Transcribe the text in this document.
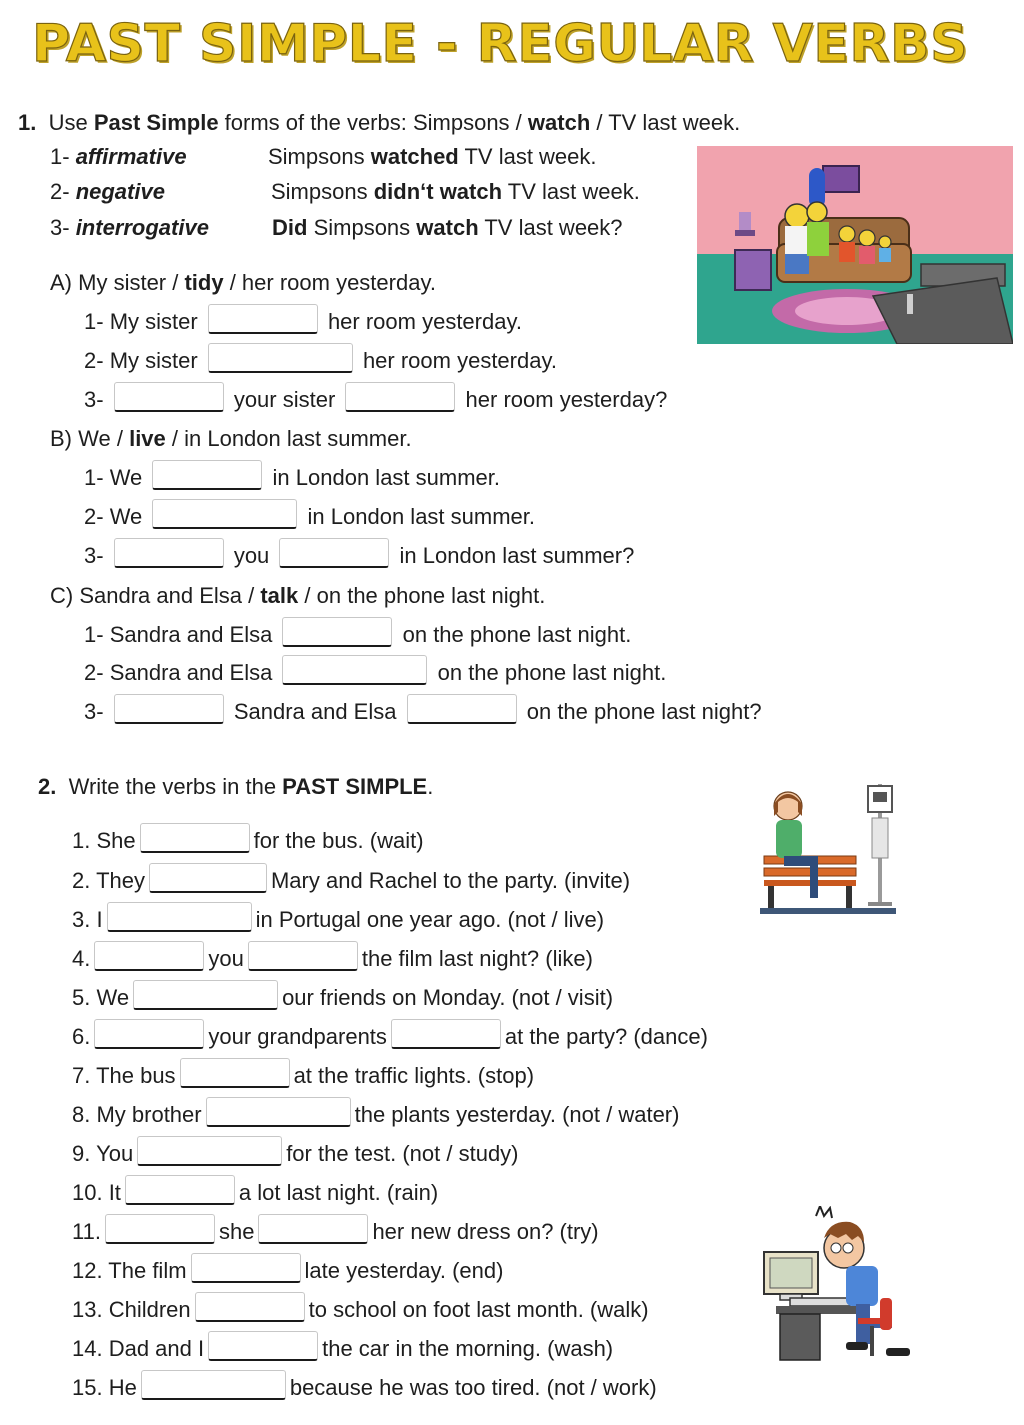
PAST SIMPLE - REGULAR VERBS
1. Use Past Simple forms of the verbs: Simpsons / watch / TV last week.
1- affirmative	Simpsons watched TV last week.
2- negative	Simpsons didn‘t watch TV last week.
3- interrogative	Did Simpsons watch TV last week?
A) My sister / tidy / her room yesterday.
1- My sister	her room yesterday.
2- My sister	her room yesterday.
3-	your sister	her room yesterday?
B) We / live / in London last summer.
1- We	in London last summer.
2- We	in London last summer.
3-	you	in London last summer?
C) Sandra and Elsa / talk / on the phone last night.
1- Sandra and Elsa	on the phone last night.
2- Sandra and Elsa	on the phone last night.
3-	Sandra and Elsa	on the phone last night?
2. Write the verbs in the PAST SIMPLE.
1. She	for the bus. (wait)
2. They	Mary and Rachel to the party. (invite)
3. I	in Portugal one year ago. (not / live)
4.	you	the film last night? (like)
5. We	our friends on Monday. (not / visit)
6.	your grandparents	at the party? (dance)
7. The bus	at the traffic lights. (stop)
8. My brother	the plants yesterday. (not / water)
9. You	for the test. (not / study)
10. It	a lot last night. (rain)
11.	she	her new dress on? (try)
12. The film	late yesterday. (end)
13. Children	to school on foot last month. (walk)
14. Dad and I	the car in the morning. (wash)
15. He	because he was too tired. (not / work)
